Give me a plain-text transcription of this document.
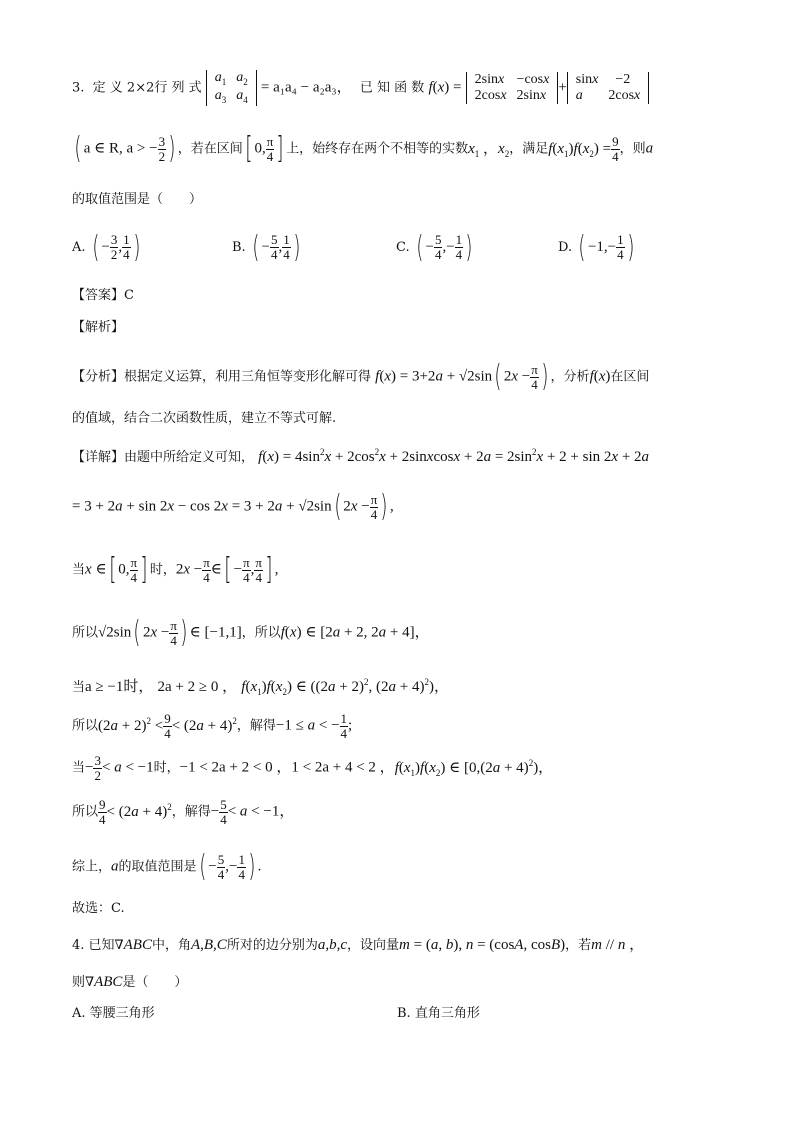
3. 定 义 2×2行 列 式
$a_1$	$a_2$
$a_3$	$a_4$
= a₁a₄ − a₂a₃， 已 知 函 数 f(x) = 2sinx	−cosx
2cosx	2sinx + sinx	−2
a	2cosx
( a ∈ R, a > − $\frac{3}{2}$ ) ，若在区间[ 0, $\frac{\pi}{4}$ ] 上，始终存在两个不相等的实数$x_1$ ，$x_2$，满足$f(x_1)f(x_2) = \frac{9}{4}$ ，则a
的取值范围是（　　）
A. ( − $\frac{3}{2}$ , $\frac{1}{4}$ )	B. ( − $\frac{5}{4}$ , $\frac{1}{4}$ )	C. ( − $\frac{5}{4}$ ,− $\frac{1}{4}$ )	D. ( $-1,- \frac{1}{4}$ )
【答案】C
【解析】
【分析】根据定义运算，利用三角恒等变形化解可得 f(x) = 3+2a + √2sin( $2x - \frac{\pi}{4}$ ) ，分析f(x)在区间
的值域，结合二次函数性质，建立不等式可解.
【详解】由题中所给定义可知， $f(x) = 4\sin^2x + 2\cos^2x$ + 2sinxcosx + $2a = 2\sin^2x + 2 + \sin 2x + 2a$
= 3 + 2a + sin 2x − cos 2x = 3 + 2a + √2sin( $2x - \frac{\pi}{4}$ ) ,
当x ∈[ 0, $\frac{\pi}{4}$ ] 时，$2x - \frac{\pi}{4}$ ∈[ − $\frac{\pi}{4}$ , $\frac{\pi}{4}$ ] ,
所以√2sin( $2x - \frac{\pi}{4}$ ) ∈ [−1,1]，所以f(x) ∈ [2a + 2, 2a + 4]，
当a ≥ −1时， 2a + 2 ≥ 0 ， $f(x_1)f(x_2)$ ∈ ($(2a + 2)^2$, $(2a + 4)^2$)，
所以$(2a + 2)^2 < \frac{9}{4} < (2a + 4)^2$，解得−1 ≤ a < − $\frac{1}{4}$ ;
当− $\frac{3}{2} < a < -1$时，−1 < 2a + 2 < 0 ，1 < 2a + 4 < 2 ，$f(x_1)f(x_2)$ ∈ $[0,(2a + 4)^2)$，
所以 $\frac{9}{4} < (2a + 4)^2$，解得− $\frac{5}{4} < a < -1$，
综上，a的取值范围是( − $\frac{5}{4}$ ,− $\frac{1}{4}$ ) .
故选：C.
4. 已知∇ABC中，角A,B,C所对的边分别为a,b,c，设向量m = (a, b), n = (cosA, cosB)，若m // n ，
则∇ABC是（　　）
A. 等腰三角形	B. 直角三角形
